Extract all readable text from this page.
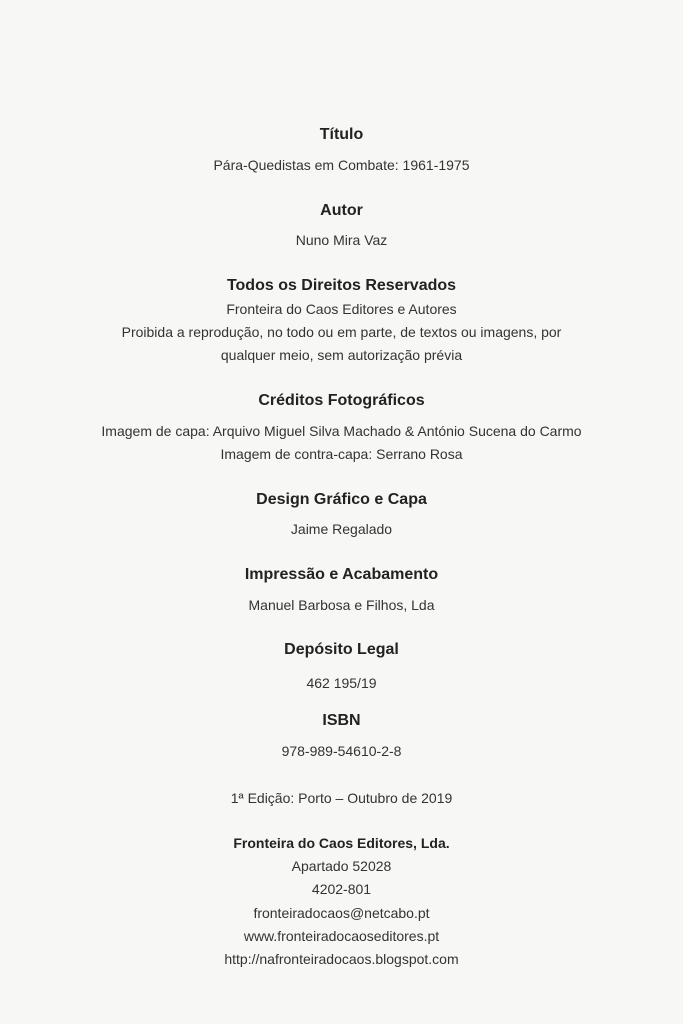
Título
Pára-Quedistas em Combate: 1961-1975
Autor
Nuno Mira Vaz
Todos os Direitos Reservados
Fronteira do Caos Editores e Autores
Proibida a reprodução, no todo ou em parte, de textos ou imagens, por
qualquer meio, sem autorização prévia
Créditos Fotográficos
Imagem de capa: Arquivo Miguel Silva Machado & António Sucena do Carmo
Imagem de contra-capa: Serrano Rosa
Design Gráfico e Capa
Jaime Regalado
Impressão e Acabamento
Manuel Barbosa e Filhos, Lda
Depósito Legal
462 195/19
ISBN
978-989-54610-2-8
1ª Edição: Porto – Outubro de 2019
Fronteira do Caos Editores, Lda.
Apartado 52028
4202-801
fronteiradocaos@netcabo.pt
www.fronteiradocaoseditores.pt
http://nafronteiradocaos.blogspot.com
